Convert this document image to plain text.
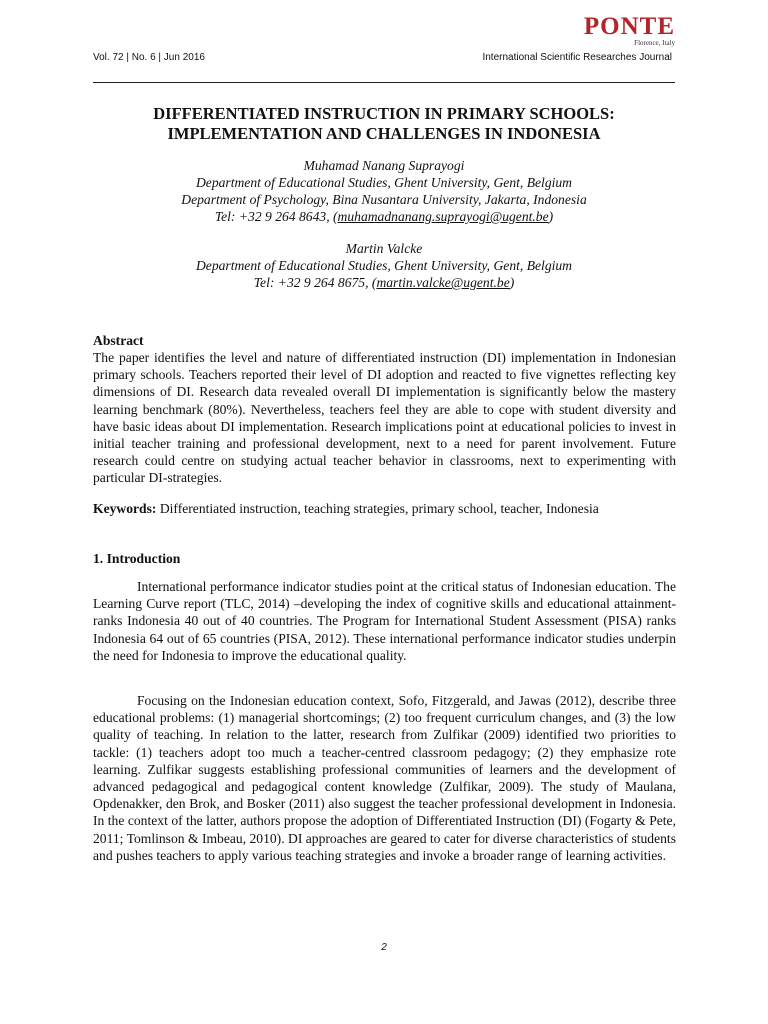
PONTE
Florence, Italy
Vol. 72 | No. 6 | Jun 2016	International Scientific Researches Journal
DIFFERENTIATED INSTRUCTION IN PRIMARY SCHOOLS:
IMPLEMENTATION AND CHALLENGES IN INDONESIA
Muhamad Nanang Suprayogi
Department of Educational Studies, Ghent University, Gent, Belgium
Department of Psychology, Bina Nusantara University, Jakarta, Indonesia
Tel: +32 9 264 8643, (muhamadnanang.suprayogi@ugent.be)
Martin Valcke
Department of Educational Studies, Ghent University, Gent, Belgium
Tel: +32 9 264 8675, (martin.valcke@ugent.be)
Abstract
The paper identifies the level and nature of differentiated instruction (DI) implementation in Indonesian primary schools. Teachers reported their level of DI adoption and reacted to five vignettes reflecting key dimensions of DI. Research data revealed overall DI implementation is significantly below the mastery learning benchmark (80%). Nevertheless, teachers feel they are able to cope with student diversity and have basic ideas about DI implementation. Research implications point at educational policies to invest in initial teacher training and professional development, next to a need for parent involvement. Future research could centre on studying actual teacher behavior in classrooms, next to experimenting with particular DI-strategies.
Keywords: Differentiated instruction, teaching strategies, primary school, teacher, Indonesia
1. Introduction
International performance indicator studies point at the critical status of Indonesian education. The Learning Curve report (TLC, 2014) –developing the index of cognitive skills and educational attainment- ranks Indonesia 40 out of 40 countries. The Program for International Student Assessment (PISA) ranks Indonesia 64 out of 65 countries (PISA, 2012). These international performance indicator studies underpin the need for Indonesia to improve the educational quality.
Focusing on the Indonesian education context, Sofo, Fitzgerald, and Jawas (2012), describe three educational problems: (1) managerial shortcomings; (2) too frequent curriculum changes, and (3) the low quality of teaching. In relation to the latter, research from Zulfikar (2009) identified two priorities to tackle: (1) teachers adopt too much a teacher-centred classroom pedagogy; (2) they emphasize rote learning. Zulfikar suggests establishing professional communities of learners and the development of advanced pedagogical and pedagogical content knowledge (Zulfikar, 2009). The study of Maulana, Opdenakker, den Brok, and Bosker (2011) also suggest the teacher professional development in Indonesia. In the context of the latter, authors propose the adoption of Differentiated Instruction (DI) (Fogarty & Pete, 2011; Tomlinson & Imbeau, 2010). DI approaches are geared to cater for diverse characteristics of students and pushes teachers to apply various teaching strategies and invoke a broader range of learning activities.
2
